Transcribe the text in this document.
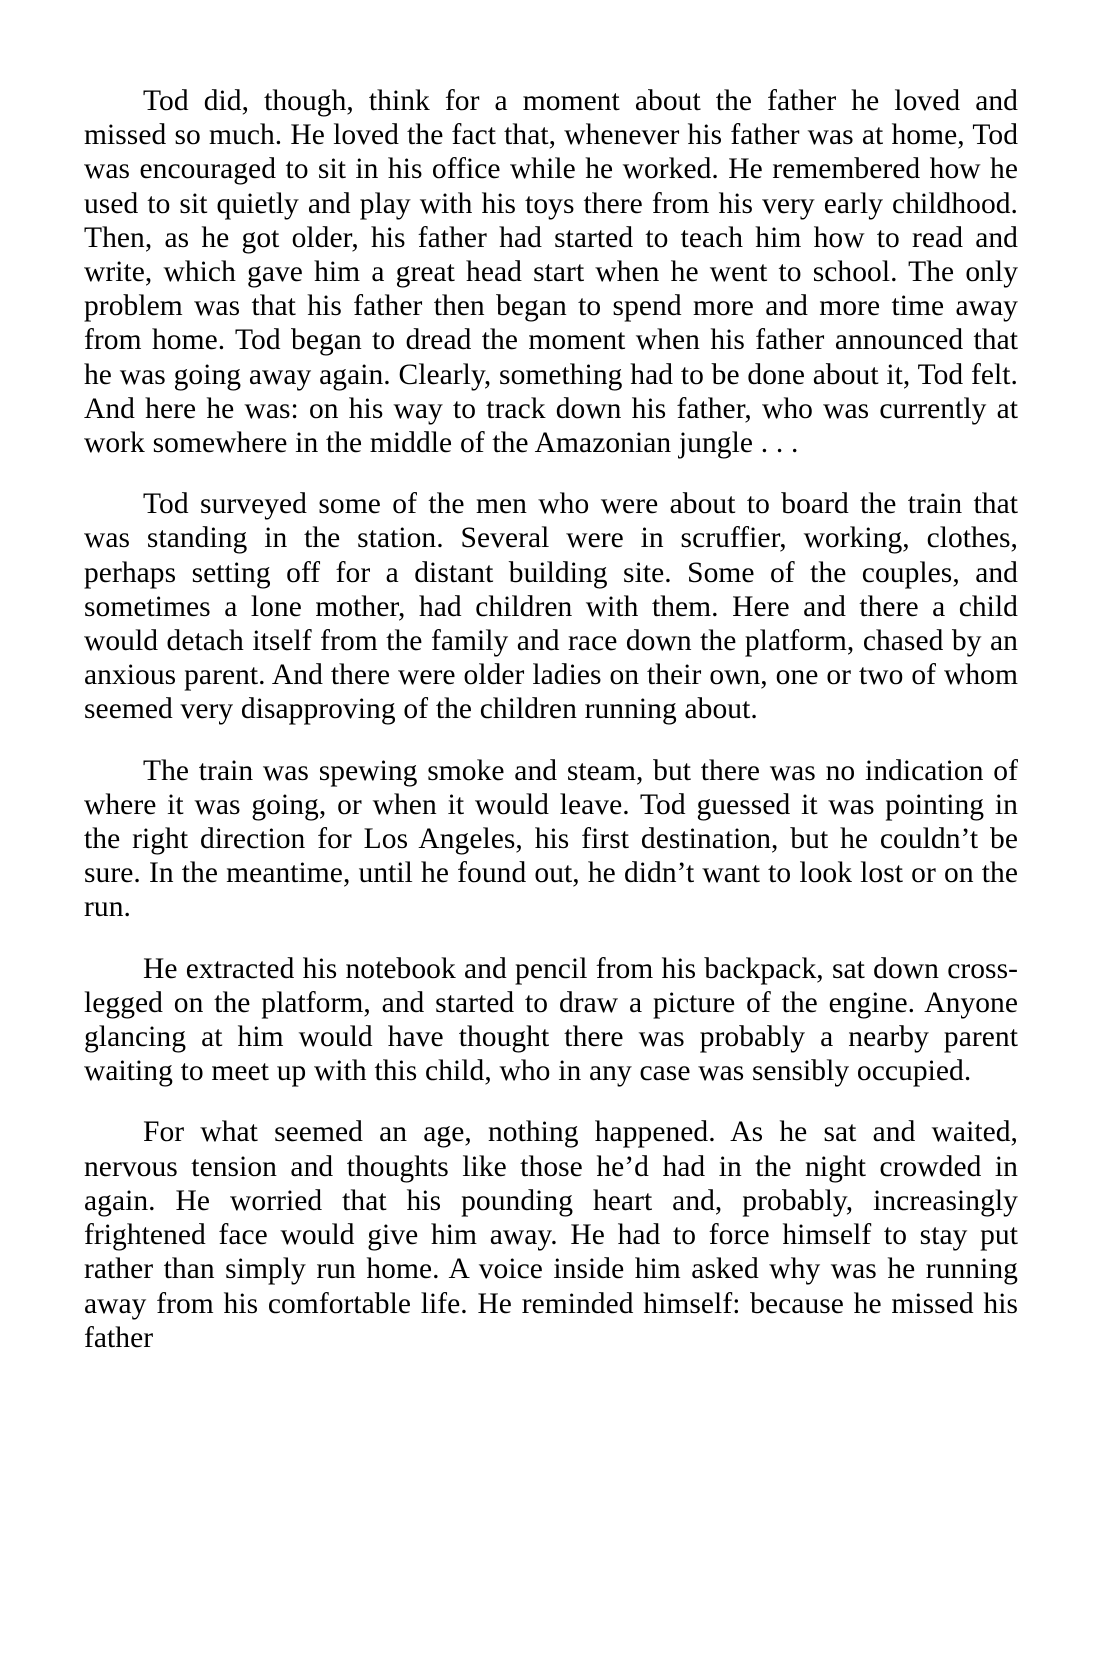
Tod did, though, think for a moment about the father he loved and missed so much. He loved the fact that, whenever his father was at home, Tod was encouraged to sit in his office while he worked. He remembered how he used to sit quietly and play with his toys there from his very early childhood. Then, as he got older, his father had started to teach him how to read and write, which gave him a great head start when he went to school. The only problem was that his father then began to spend more and more time away from home. Tod began to dread the moment when his father announced that he was going away again. Clearly, something had to be done about it, Tod felt. And here he was: on his way to track down his father, who was currently at work somewhere in the middle of the Amazonian jungle . . .

Tod surveyed some of the men who were about to board the train that was standing in the station. Several were in scruffier, working, clothes, perhaps setting off for a distant building site. Some of the couples, and sometimes a lone mother, had children with them. Here and there a child would detach itself from the family and race down the platform, chased by an anxious parent. And there were older ladies on their own, one or two of whom seemed very disapproving of the children running about.

The train was spewing smoke and steam, but there was no indication of where it was going, or when it would leave. Tod guessed it was pointing in the right direction for Los Angeles, his first destination, but he couldn’t be sure. In the meantime, until he found out, he didn’t want to look lost or on the run.

He extracted his notebook and pencil from his backpack, sat down cross-legged on the platform, and started to draw a picture of the engine. Anyone glancing at him would have thought there was probably a nearby parent waiting to meet up with this child, who in any case was sensibly occupied.

For what seemed an age, nothing happened. As he sat and waited, nervous tension and thoughts like those he’d had in the night crowded in again. He worried that his pounding heart and, probably, increasingly frightened face would give him away. He had to force himself to stay put rather than simply run home. A voice inside him asked why was he running away from his comfortable life. He reminded himself: because he missed his father
